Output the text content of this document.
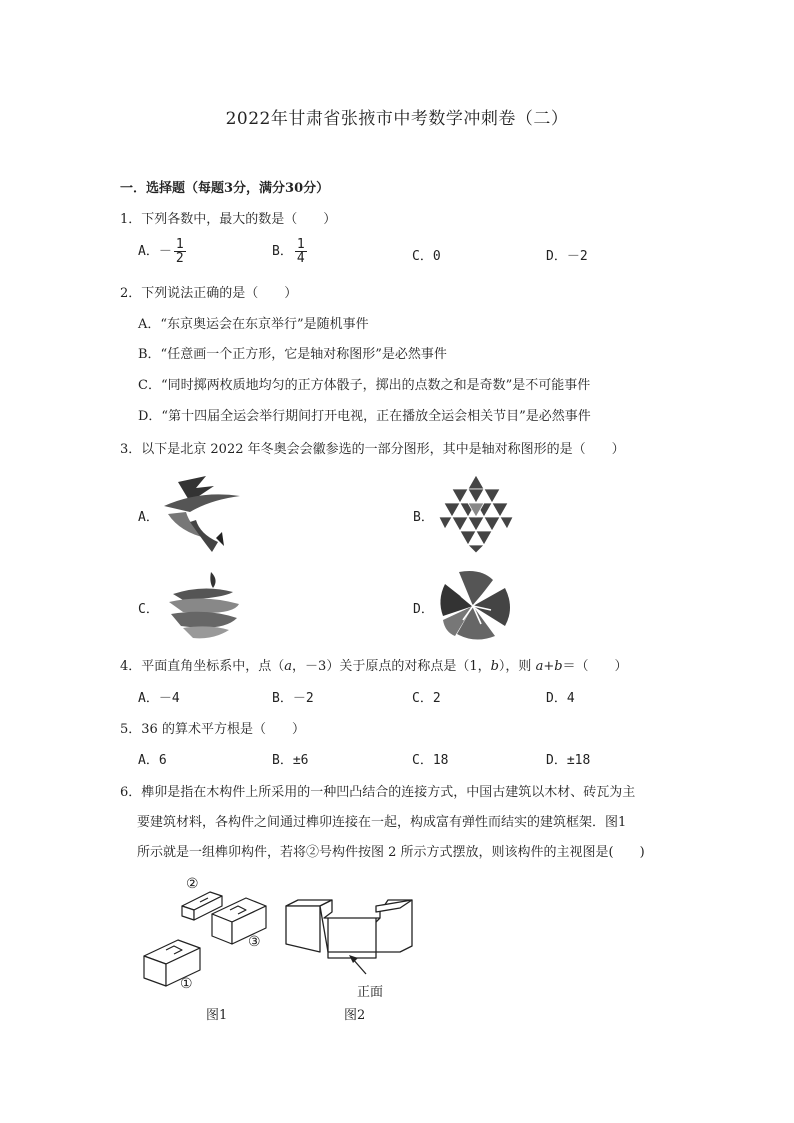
2022年甘肃省张掖市中考数学冲刺卷（二）
一．选择题（每题3分，满分30分）
1．下列各数中，最大的数是（　　）
A．－ $\frac{1}{2}$	B． $\frac{1}{4}$	C．0	D．－2
2．下列说法正确的是（　　）
A．“东京奥运会在东京举行”是随机事件
B．“任意画一个正方形，它是轴对称图形”是必然事件
C．“同时掷两枚质地均匀的正方体骰子，掷出的点数之和是奇数”是不可能事件
D．“第十四届全运会举行期间打开电视，正在播放全运会相关节目”是必然事件
3．以下是北京 2022 年冬奥会会徽参选的一部分图形，其中是轴对称图形的是（　　）
A．	B．
C．	D．
4．平面直角坐标系中，点（a，－3）关于原点的对称点是（1，b），则 a+b＝（　　）
A．－4	B．－2	C．2	D．4
5．36 的算术平方根是（　　）
A．6	B．±6	C．18	D．±18
6．榫卯是指在木构件上所采用的一种凹凸结合的连接方式，中国古建筑以木材、砖瓦为主
要建筑材料，各构件之间通过榫卯连接在一起，构成富有弹性而结实的建筑框架．图1
所示就是一组榫卯构件，若将②号构件按图 2 所示方式摆放，则该构件的主视图是(　　)
②
③
①
正面
图1	图2
